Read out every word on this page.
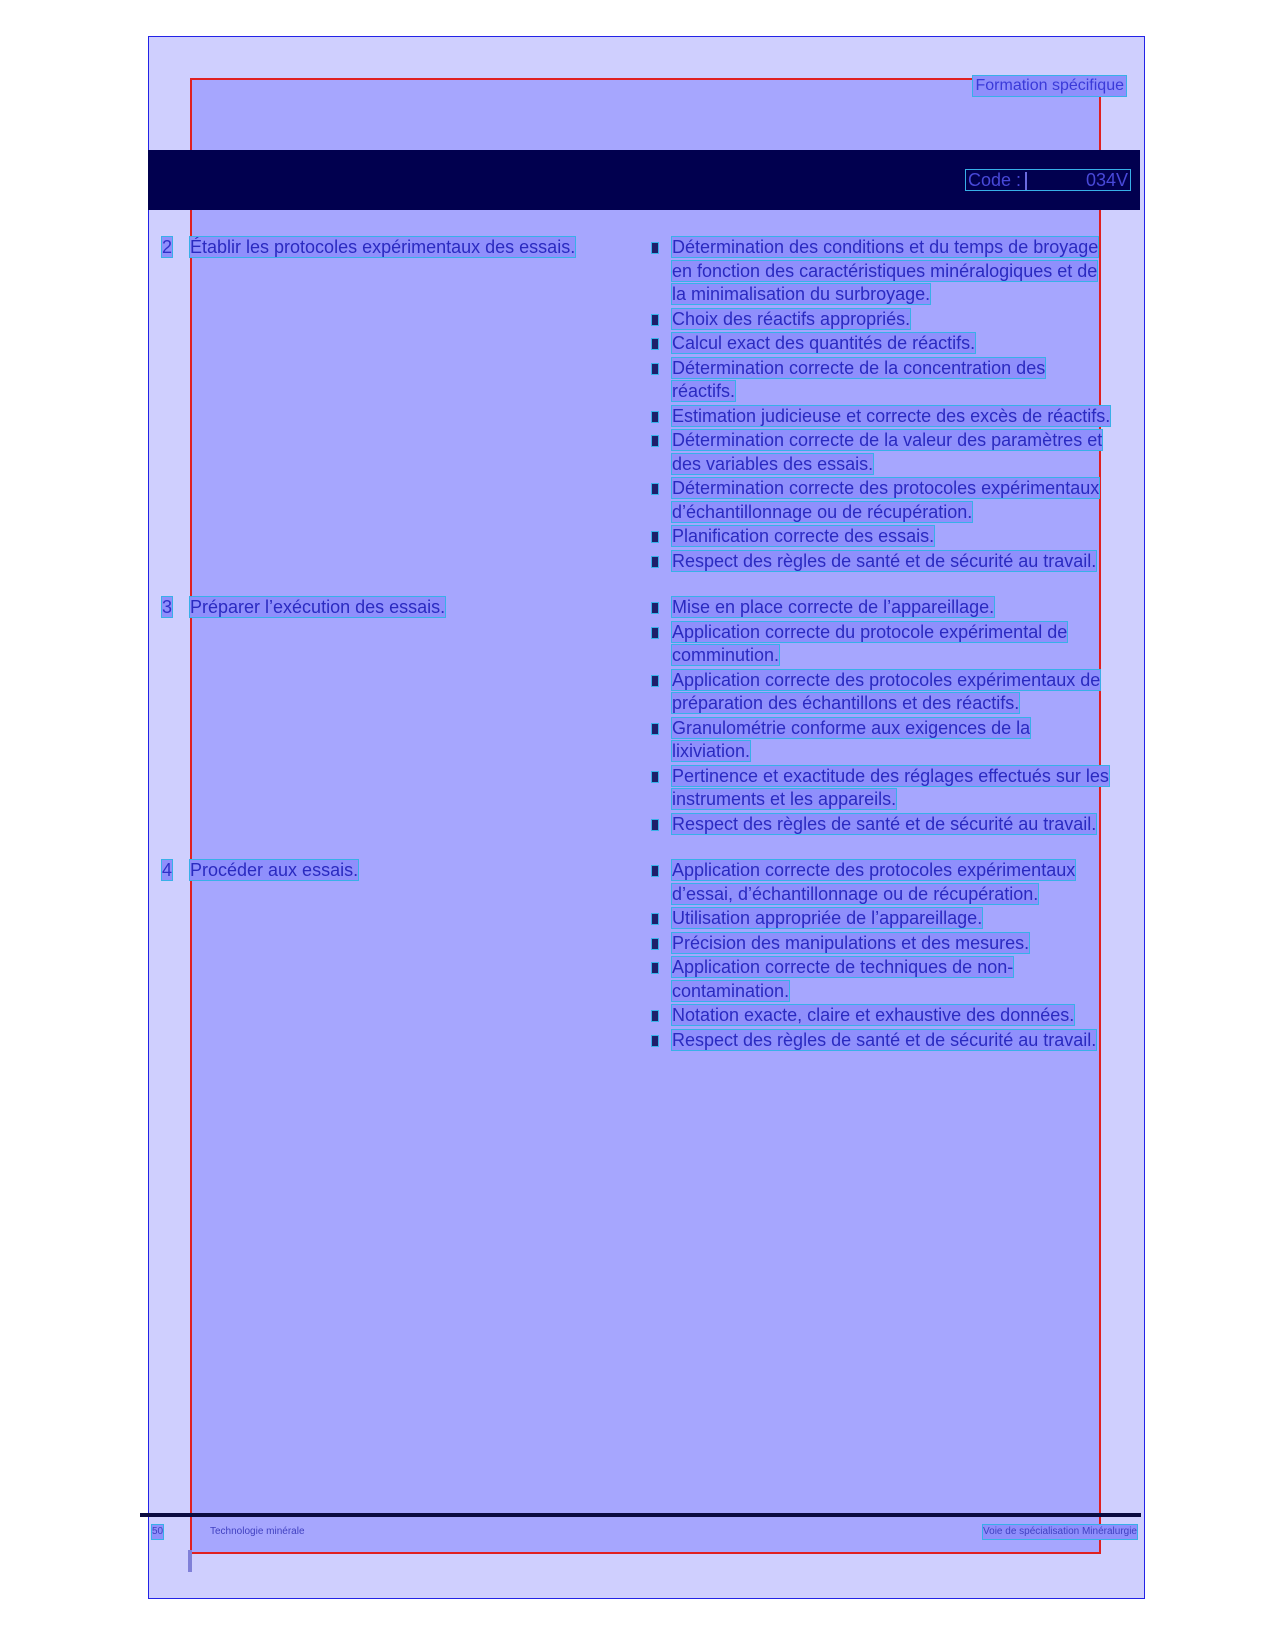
Formation spécifique
Code :	034V
2 Établir les protocoles expérimentaux des essais.	Détermination des conditions et du temps de broyage en fonction des caractéristiques minéralogiques et de la minimalisation du surbroyage.
Choix des réactifs appropriés.
Calcul exact des quantités de réactifs.
Détermination correcte de la concentration des réactifs.
Estimation judicieuse et correcte des excès de réactifs.
Détermination correcte de la valeur des paramètres et des variables des essais.
Détermination correcte des protocoles expérimentaux d’échantillonnage ou de récupération.
Planification correcte des essais.
Respect des règles de santé et de sécurité au travail.
3 Préparer l’exécution des essais.	Mise en place correcte de l’appareillage.
Application correcte du protocole expérimental de comminution.
Application correcte des protocoles expérimentaux de préparation des échantillons et des réactifs.
Granulométrie conforme aux exigences de la lixiviation.
Pertinence et exactitude des réglages effectués sur les instruments et les appareils.
Respect des règles de santé et de sécurité au travail.
4 Procéder aux essais.	Application correcte des protocoles expérimentaux d’essai, d’échantillonnage ou de récupération.
Utilisation appropriée de l’appareillage.
Précision des manipulations et des mesures.
Application correcte de techniques de non-contamination.
Notation exacte, claire et exhaustive des données.
Respect des règles de santé et de sécurité au travail.
50	Technologie minérale	Voie de spécialisation Minéralurgie
